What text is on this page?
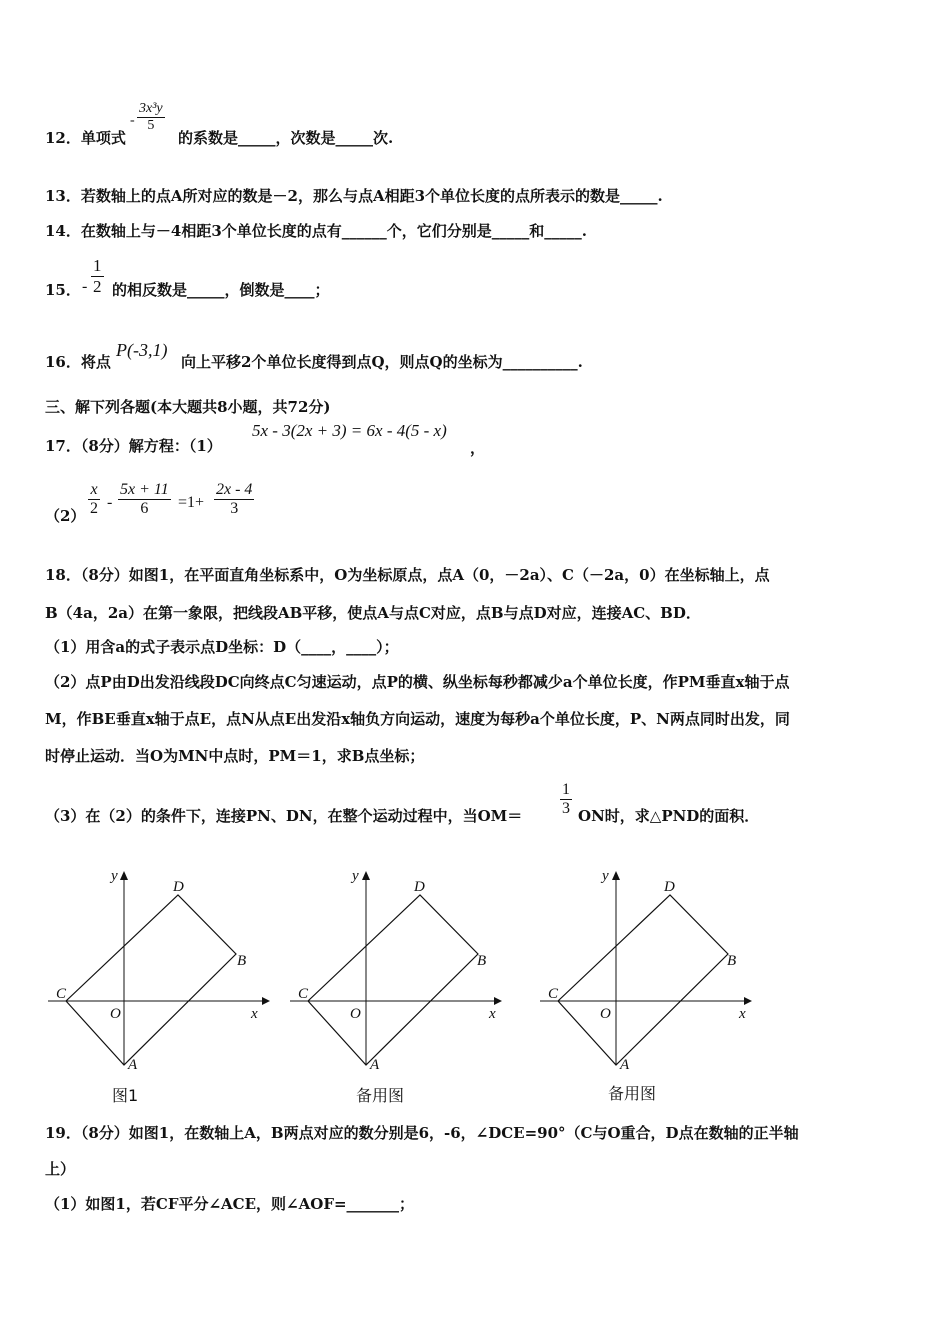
12．单项式
- $\frac{\text{3x³y}}{5}$
的系数是_____，次数是_____次.
13．若数轴上的点A所对应的数是－2，那么与点A相距3个单位长度的点所表示的数是_____.
14．在数轴上与－4相距3个单位长度的点有______个，它们分别是_____和_____.
15． - $\frac{1}{2}$ 的相反数是_____，倒数是____；
16．将点
P(-3,1)
向上平移2个单位长度得到点Q，则点Q的坐标为__________.
三、解下列各题(本大题共8小题，共72分)
17．（8分）解方程：（1）
5x - 3(2x + 3) = 6x - 4(5 - x)
，
$(2) \frac{x}{2} - \frac{5x + 11}{6} =1+ \frac{2x - 4}{3}$
18．（8分）如图1，在平面直角坐标系中，O为坐标原点，点A（0，－2a）、C（－2a，0）在坐标轴上，点
B（4a，2a）在第一象限，把线段AB平移，使点A与点C对应，点B与点D对应，连接AC、BD．
（1）用含a的式子表示点D坐标：D（____，____）；
（2）点P由D出发沿线段DC向终点C匀速运动，点P的横、纵坐标每秒都减少a个单位长度，作PM垂直x轴于点
M，作BE垂直x轴于点E，点N从点E出发沿x轴负方向运动，速度为每秒a个单位长度，P、N两点同时出发，同
时停止运动．当O为MN中点时，PM＝1，求B点坐标；
（3）在（2）的条件下，连接PN、DN，在整个运动过程中，当$OM= \frac{1}{3}$ ON时，求△PND的面积．
y
x
O
C
D
B
A
图1
y
x
O
C
D
B
A
备用图
y
x
O
C
D
B
A
备用图
19．（8分）如图1，在数轴上A，B两点对应的数分别是6，-6，∠DCE=90°（C与O重合，D点在数轴的正半轴
上）
（1）如图1，若CF平分∠ACE，则∠AOF=_______；
